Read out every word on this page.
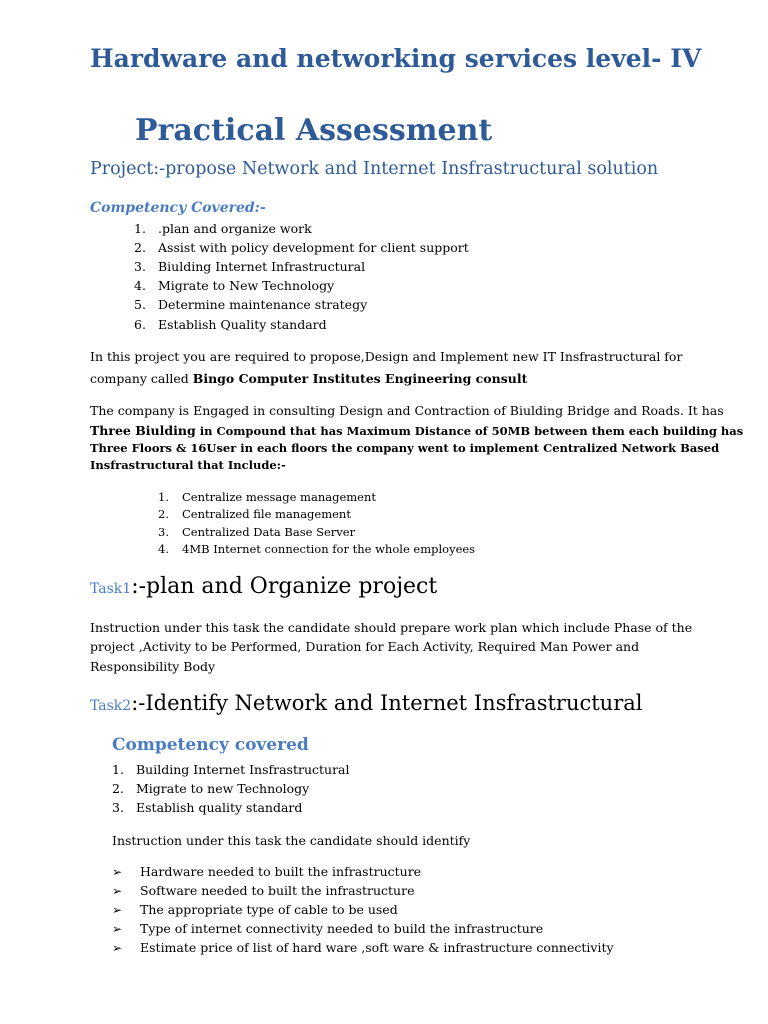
Hardware and networking services level- IV
Practical Assessment
Project:-propose Network and Internet Insfrastructural solution
Competency Covered:-
1. .plan and organize work
2. Assist with policy development for client support
3. Biulding Internet Infrastructural
4. Migrate to New Technology
5. Determine maintenance strategy
6. Establish Quality standard
In this project you are required to propose,Design and Implement new IT Insfrastructural for
company called Bingo Computer Institutes Engineering consult
The company is Engaged in consulting Design and Contraction of Biulding Bridge and Roads. It has
Three Biulding in Compound that has Maximum Distance of 50MB between them each building has
Three Floors & 16User in each floors the company went to implement Centralized Network Based
Insfrastructural that Include:-
1. Centralize message management
2. Centralized file management
3. Centralized Data Base Server
4. 4MB Internet connection for the whole employees
Task1:-plan and Organize project
Instruction under this task the candidate should prepare work plan which include Phase of the
project ,Activity to be Performed, Duration for Each Activity, Required Man Power and
Responsibility Body
Task2:-Identify Network and Internet Insfrastructural
Competency covered
1. Building Internet Insfrastructural
2. Migrate to new Technology
3. Establish quality standard
Instruction under this task the candidate should identify
➢ Hardware needed to built the infrastructure
➢ Software needed to built the infrastructure
➢ The appropriate type of cable to be used
➢ Type of internet connectivity needed to build the infrastructure
➢ Estimate price of list of hard ware ,soft ware & infrastructure connectivity
